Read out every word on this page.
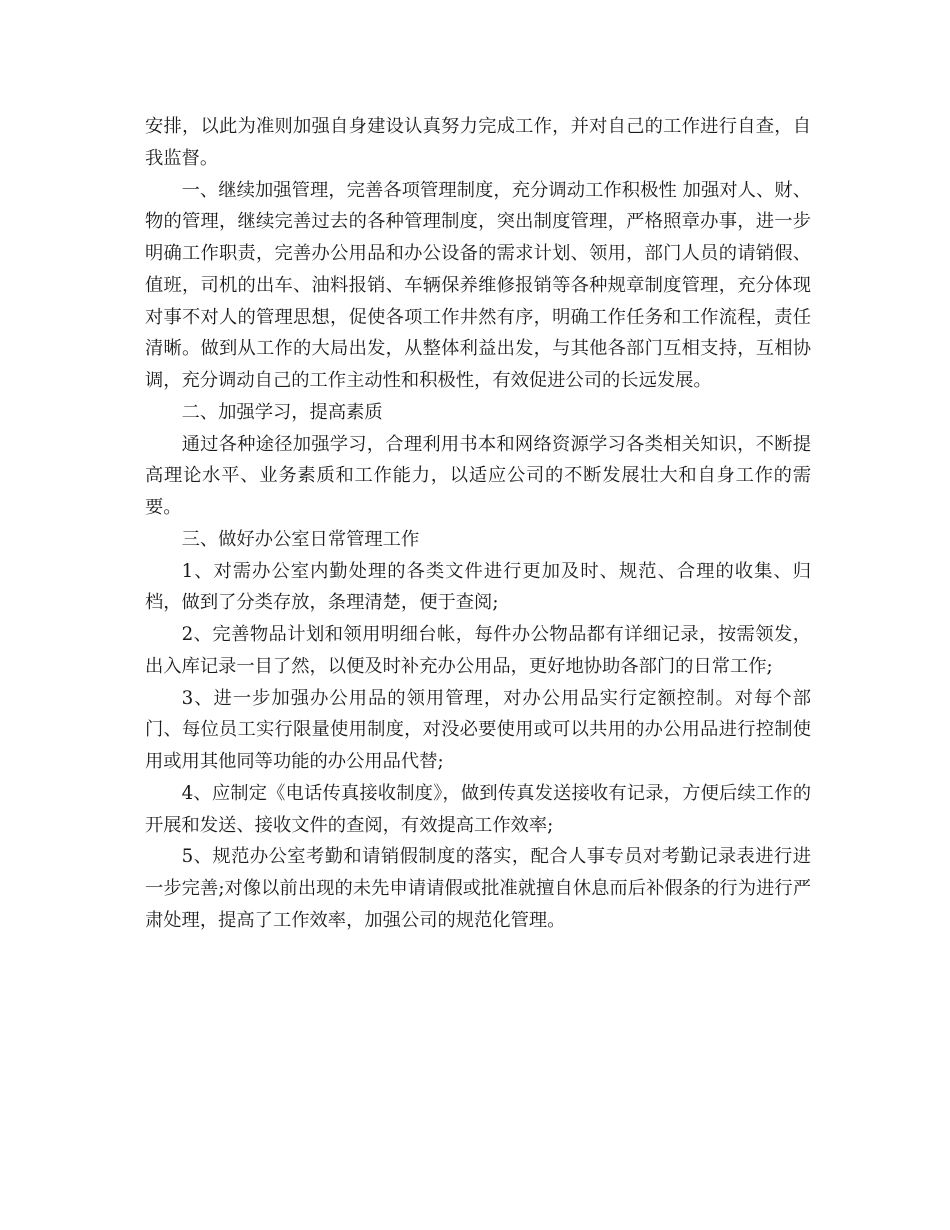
安排，以此为准则加强自身建设认真努力完成工作，并对自己的工作进行自查，自我监督。

一、继续加强管理，完善各项管理制度，充分调动工作积极性 加强对人、财、物的管理，继续完善过去的各种管理制度，突出制度管理，严格照章办事，进一步明确工作职责，完善办公用品和办公设备的需求计划、领用，部门人员的请销假、值班，司机的出车、油料报销、车辆保养维修报销等各种规章制度管理，充分体现对事不对人的管理思想，促使各项工作井然有序，明确工作任务和工作流程，责任清晰。做到从工作的大局出发，从整体利益出发，与其他各部门互相支持，互相协调，充分调动自己的工作主动性和积极性，有效促进公司的长远发展。

二、加强学习，提高素质

通过各种途径加强学习，合理利用书本和网络资源学习各类相关知识，不断提高理论水平、业务素质和工作能力，以适应公司的不断发展壮大和自身工作的需要。

三、做好办公室日常管理工作

1、对需办公室内勤处理的各类文件进行更加及时、规范、合理的收集、归档，做到了分类存放，条理清楚，便于查阅;

2、完善物品计划和领用明细台帐，每件办公物品都有详细记录，按需领发，出入库记录一目了然，以便及时补充办公用品，更好地协助各部门的日常工作;

3、进一步加强办公用品的领用管理，对办公用品实行定额控制。对每个部门、每位员工实行限量使用制度，对没必要使用或可以共用的办公用品进行控制使用或用其他同等功能的办公用品代替;

4、应制定《电话传真接收制度》，做到传真发送接收有记录，方便后续工作的开展和发送、接收文件的查阅，有效提高工作效率;

5、规范办公室考勤和请销假制度的落实，配合人事专员对考勤记录表进行进一步完善;对像以前出现的未先申请请假或批准就擅自休息而后补假条的行为进行严肃处理，提高了工作效率，加强公司的规范化管理。
